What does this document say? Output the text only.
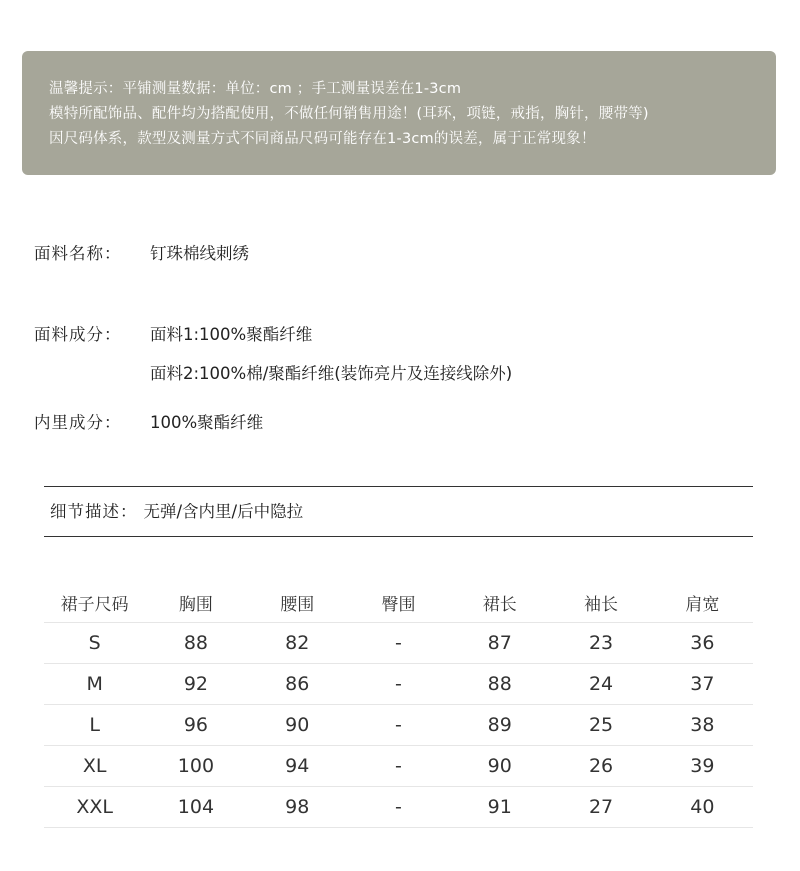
温馨提示：平铺测量数据：单位：cm ；手工测量误差在1-3cm
模特所配饰品、配件均为搭配使用，不做任何销售用途！(耳环，项链，戒指，胸针，腰带等)
因尺码体系，款型及测量方式不同商品尺码可能存在1-3cm的误差，属于正常现象！
面料名称： 钉珠棉线刺绣
面料成分： 面料1:100%聚酯纤维
面料2:100%棉/聚酯纤维(装饰亮片及连接线除外)
内里成分： 100%聚酯纤维
细节描述： 无弹/含内里/后中隐拉
裙子尺码	胸围	腰围	臀围	裙长	袖长	肩宽
S	88	82	-	87	23	36
M	92	86	-	88	24	37
L	96	90	-	89	25	38
XL	100	94	-	90	26	39
XXL	104	98	-	91	27	40
